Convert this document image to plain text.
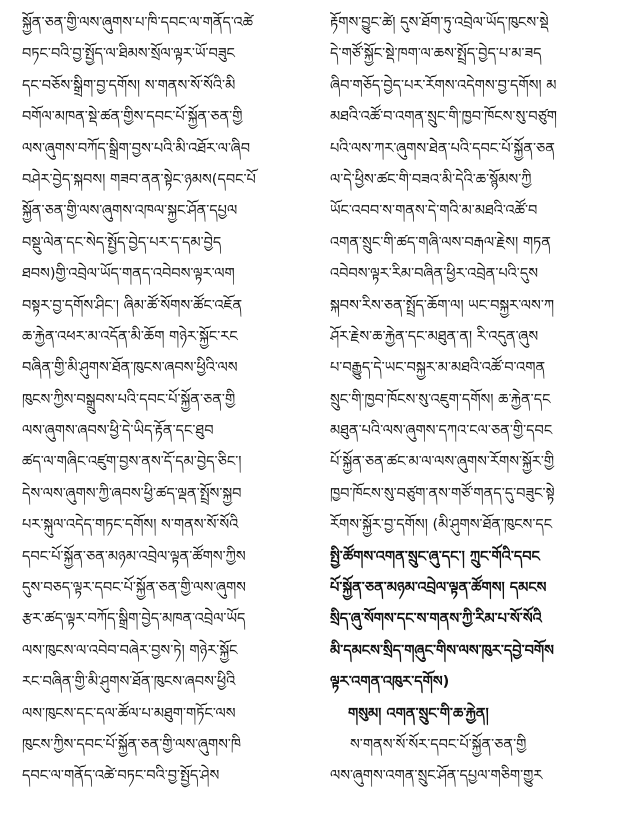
སྐྱོན་ཅན་གྱི་ལས་ཞུགས་པ་ཁི་དབང་ལ་གནོད་འཚེ
བཏང་བའི་བྱ་སྤྱོད་ལ་ཐིམས་སྲོལ་ལྟར་ཡོ་བཟུང
དང་བཅོས་སྒྲིག་བྱ་དགོས། ས་གནས་སོ་སོའི་མི
བགོལ་མཁན་སྡེ་ཚན་གྱིས་དབང་པོ་སྐྱོན་ཅན་གྱི
ལས་ཞུགས་བཀོད་སྒྲིག་བྱས་པའི་མི་འཐོར་ལ་ཞིབ
བཤེར་བྱེད་སྐབས། གཟབ་ནན་སྟེང་ཉམས(དབང་པོ
སྐྱོན་ཅན་གྱི་ལས་ཞུགས་འཁལ་སྐྱང་ཤོན་དཔྱལ
བསྡུ་ལེན་དང་སེད་སྤྱོད་བྱེད་པར་ད་དམ་བྱེད
ཐབས)གྱི་འབྲེལ་ཡོད་གནད་འབེབས་ལྟར་ལག
བསྟར་བྱ་དགོས་ཤིང༌། ཞིམ་ཚོ་སོགས་ཚོང་འཇོན
ཆ་རྐྱེན་འཕར་མ་འདོན་མི་ཆོག གཉེར་སྐྱོང་རང
བཞིན་གྱི་མི་ཤུགས་ཐོན་ཁུངས་ཞབས་ཕྱིའི་ལས
ཁུངས་ཀྱིས་བསྒྲུབས་པའི་དབང་པོ་སྐྱོན་ཅན་གྱི
ལས་ཞུགས་ཞབས་ཕྱི་དེ་ཡིད་རྟོན་དང་ཐུབ
ཚད་ལ་གཞིང་འཛུག་བྱས་ནས་དོ་དམ་བྱེད་ཅིང༌།
དེས་ལས་ཞུགས་ཀྱི་ཞབས་ཕྱི་ཚད་ལྡན་སྤྲོས་སྐྱབ
པར་སྐུལ་འདེད་གཏང་དགོས། ས་གནས་སོ་སོའི
དབང་པོ་སྐྱོན་ཅན་མཉམ་འབྲེལ་ལྟན་ཚོགས་ཀྱིས
དུས་བཅད་ལྟར་དབང་པོ་སྐྱོན་ཅན་གྱི་ལས་ཞུགས
རྩར་ཚད་ལྟར་བཀོད་སྒྲིག་བྱེད་མཁན་འབྲེལ་ཡོད
ལས་ཁུངས་ལ་འབེབ་བཞེར་བྱས་ཏེ། གཉེར་སྐྱོང
རང་བཞིན་གྱི་མི་ཤུགས་ཐོན་ཁུངས་ཞབས་ཕྱིའི
ལས་ཁུངས་དང་དལ་ཚོལ་པ་མཐུག་གཏོང་ལས
ཁུངས་ཀྱིས་དབང་པོ་སྐྱོན་ཅན་གྱི་ལས་ཞུགས་ཁི
དབང་ལ་གནོད་འཚེ་བཏང་བའི་བྱ་སྤྱོད་ཤེས
རྟོགས་བྱུང་ཚེ། དུས་ཐོག་ཏུ་འབྲེལ་ཡོད་ཁུངས་སྡེ
དེ་གཙོ་སྐྱོང་སྡེ་ཁག་ལ་ཆས་སྤྲོད་བྱེད་པ་མ་ཟད
ཞིབ་གཅོད་བྱེད་པར་རོགས་འདེགས་བྱ་དགོས། མ
མཐའི་འཚོ་བ་འགན་སྲུང་གི་ཁྱབ་ཁོངས་སུ་བཙུག
པའི་ལས་ཀར་ཞུགས་ཐེན་པའི་དབང་པོ་སྐྱོན་ཅན
ལ་དེ་ཕྱིས་ཚང་གི་བཟའ་མི་དེའི་ཆ་སྙོམས་ཀྱི
ཡོང་འབབ་ས་གནས་དེ་གའི་མ་མཐའི་འཚོ་བ
འགན་སྲུང་གི་ཚད་གཞི་ལས་བརྒལ་རྗེས། གཏན
འབེབས་ལྟར་རིམ་བཞིན་ཕྱིར་འབྲེན་པའི་དུས
སྐབས་རིས་ཅན་སྤྲོད་ཆོག་ལ། ཡང་བསྐྱར་ལས་ཀ
ཤོར་རྗེས་ཆ་རྐྱེན་དང་མཐུན་ན། རི་འདུན་ཞུས
པ་བརྒྱུད་དེ་ཡང་བསྐྱར་མ་མཐའི་འཚོ་བ་འགན
སྲུང་གི་ཁྱབ་ཁོངས་སུ་འཇུག་དགོས། ཆ་རྐྱེན་དང
མཐུན་པའི་ལས་ཞུགས་དཀའ་ངལ་ཅན་གྱི་དབང
པོ་སྐྱོན་ཅན་ཚང་མ་ལ་ལས་ཞུགས་རོགས་སྐྱོར་གྱི
ཁྱབ་ཁོངས་སུ་བཙུག་ནས་གཙོ་གནད་དུ་བཟུང་སྟེ
རོགས་སྐྱོར་བྱ་དགོས། (མི་ཤུགས་ཐོན་ཁུངས་དང
སྤྱི་ཚོགས་འགན་སྲུང་ཞུ་དང༌། ཀྲུང་གོའི་དབང
པོ་སྐྱོན་ཅན་མཉམ་འབྲེལ་ལྟན་ཚོགས། དམངས
སྲིད་ཞུ་སོགས་དང་ས་གནས་ཀྱི་རིམ་པ་སོ་སོའི
མི་དམངས་སྲིད་གཞུང་གིས་ལས་ཁུར་དབྱེ་བགོས
ལྟར་འགན་འཁུར་དགོས)
གསུམ། འགན་སྲུང་གི་ཆ་རྐྱེན།
ས་གནས་སོ་སོར་དབང་པོ་སྐྱོན་ཅན་གྱི
ལས་ཞུགས་འགན་སྲུང་ཤོན་དཔྱལ་གཅིག་གྱུར
